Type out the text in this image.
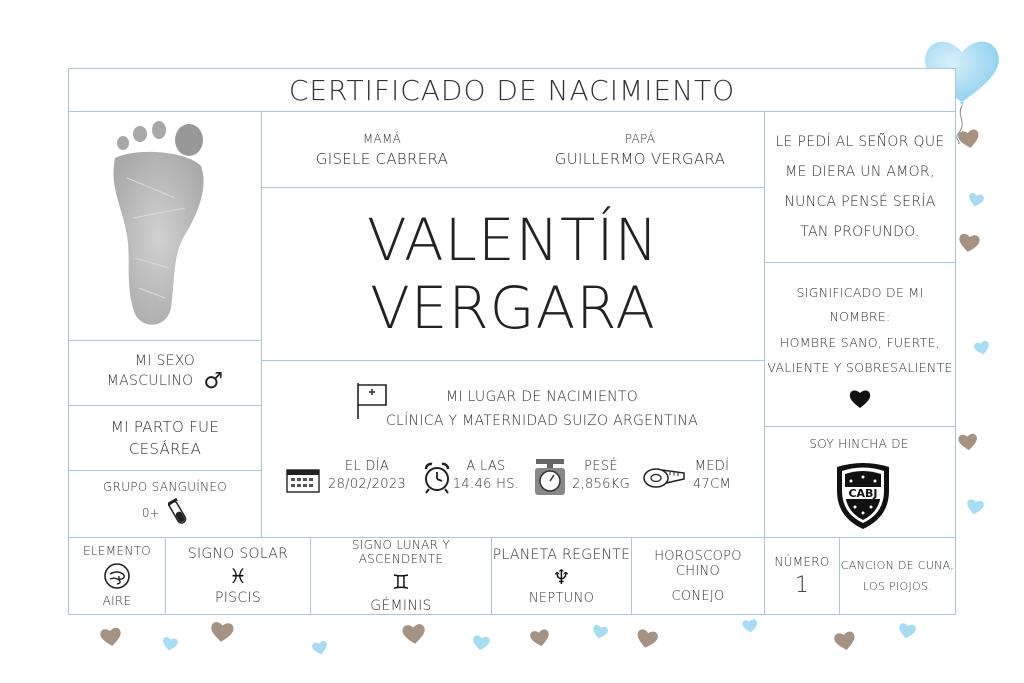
CERTIFICADO DE NACIMIENTO
MI SEXO
MASCULINO ♂
MI PARTO FUE
CESÁREA
GRUPO SANGUÍNEO
0+
MAMÁ
GISELE CABRERA
PAPÁ
GUILLERMO VERGARA
VALENTÍN VERGARA
MI LUGAR DE NACIMIENTO
CLÍNICA Y MATERNIDAD SUIZO ARGENTINA
EL DÍA
28/02/2023
A LAS
14:46 HS.
PESÉ
2,856KG
MEDÍ
47CM
LE PEDÍ AL SEÑOR QUE
ME DIERA UN AMOR,
NUNCA PENSÉ SERÍA
TAN PROFUNDO.
SIGNIFICADO DE MI
NOMBRE:
HOMBRE SANO, FUERTE,
VALIENTE Y SOBRESALIENTE
SOY HINCHA DE
CABJ
ELEMENTO
AIRE
SIGNO SOLAR
♓
PISCIS
SIGNO LUNAR Y ASCENDENTE
♊
GÉMINIS
PLANETA REGENTE
♆
NEPTUNO
HOROSCOPO CHINO
CONEJO
NÚMERO
1
CANCION DE CUNA,
LOS PIOJOS.
